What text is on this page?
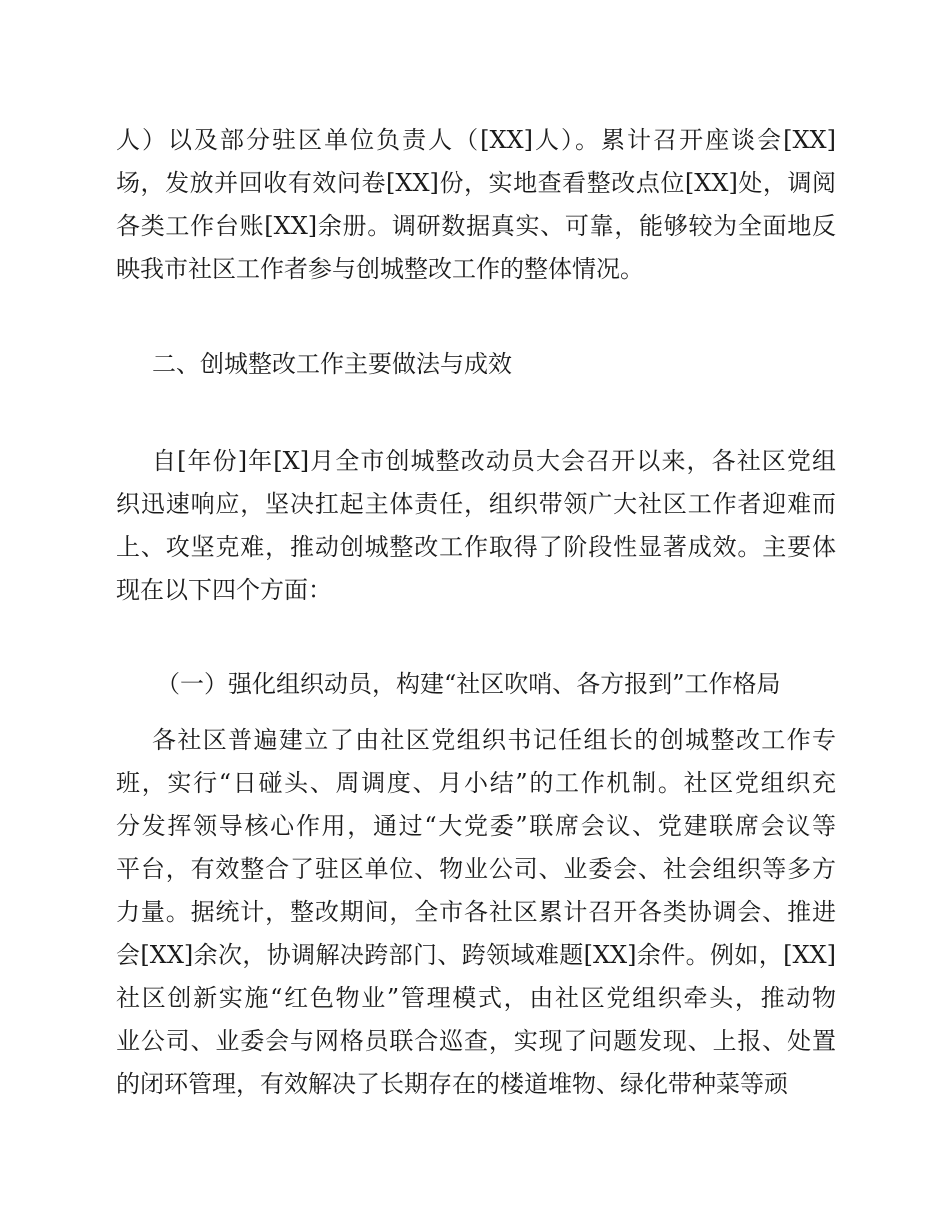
人）以及部分驻区单位负责人（[XX]人）。累计召开座谈会[XX]
场，发放并回收有效问卷[XX]份，实地查看整改点位[XX]处，调阅
各类工作台账[XX]余册。调研数据真实、可靠，能够较为全面地反
映我市社区工作者参与创城整改工作的整体情况。
二、创城整改工作主要做法与成效
自[年份]年[X]月全市创城整改动员大会召开以来，各社区党组
织迅速响应，坚决扛起主体责任，组织带领广大社区工作者迎难而
上、攻坚克难，推动创城整改工作取得了阶段性显著成效。主要体
现在以下四个方面：
（一）强化组织动员，构建“社区吹哨、各方报到”工作格局
各社区普遍建立了由社区党组织书记任组长的创城整改工作专
班，实行“日碰头、周调度、月小结”的工作机制。社区党组织充
分发挥领导核心作用，通过“大党委”联席会议、党建联席会议等
平台，有效整合了驻区单位、物业公司、业委会、社会组织等多方
力量。据统计，整改期间，全市各社区累计召开各类协调会、推进
会[XX]余次，协调解决跨部门、跨领域难题[XX]余件。例如，[XX]
社区创新实施“红色物业”管理模式，由社区党组织牵头，推动物
业公司、业委会与网格员联合巡查，实现了问题发现、上报、处置
的闭环管理，有效解决了长期存在的楼道堆物、绿化带种菜等顽
